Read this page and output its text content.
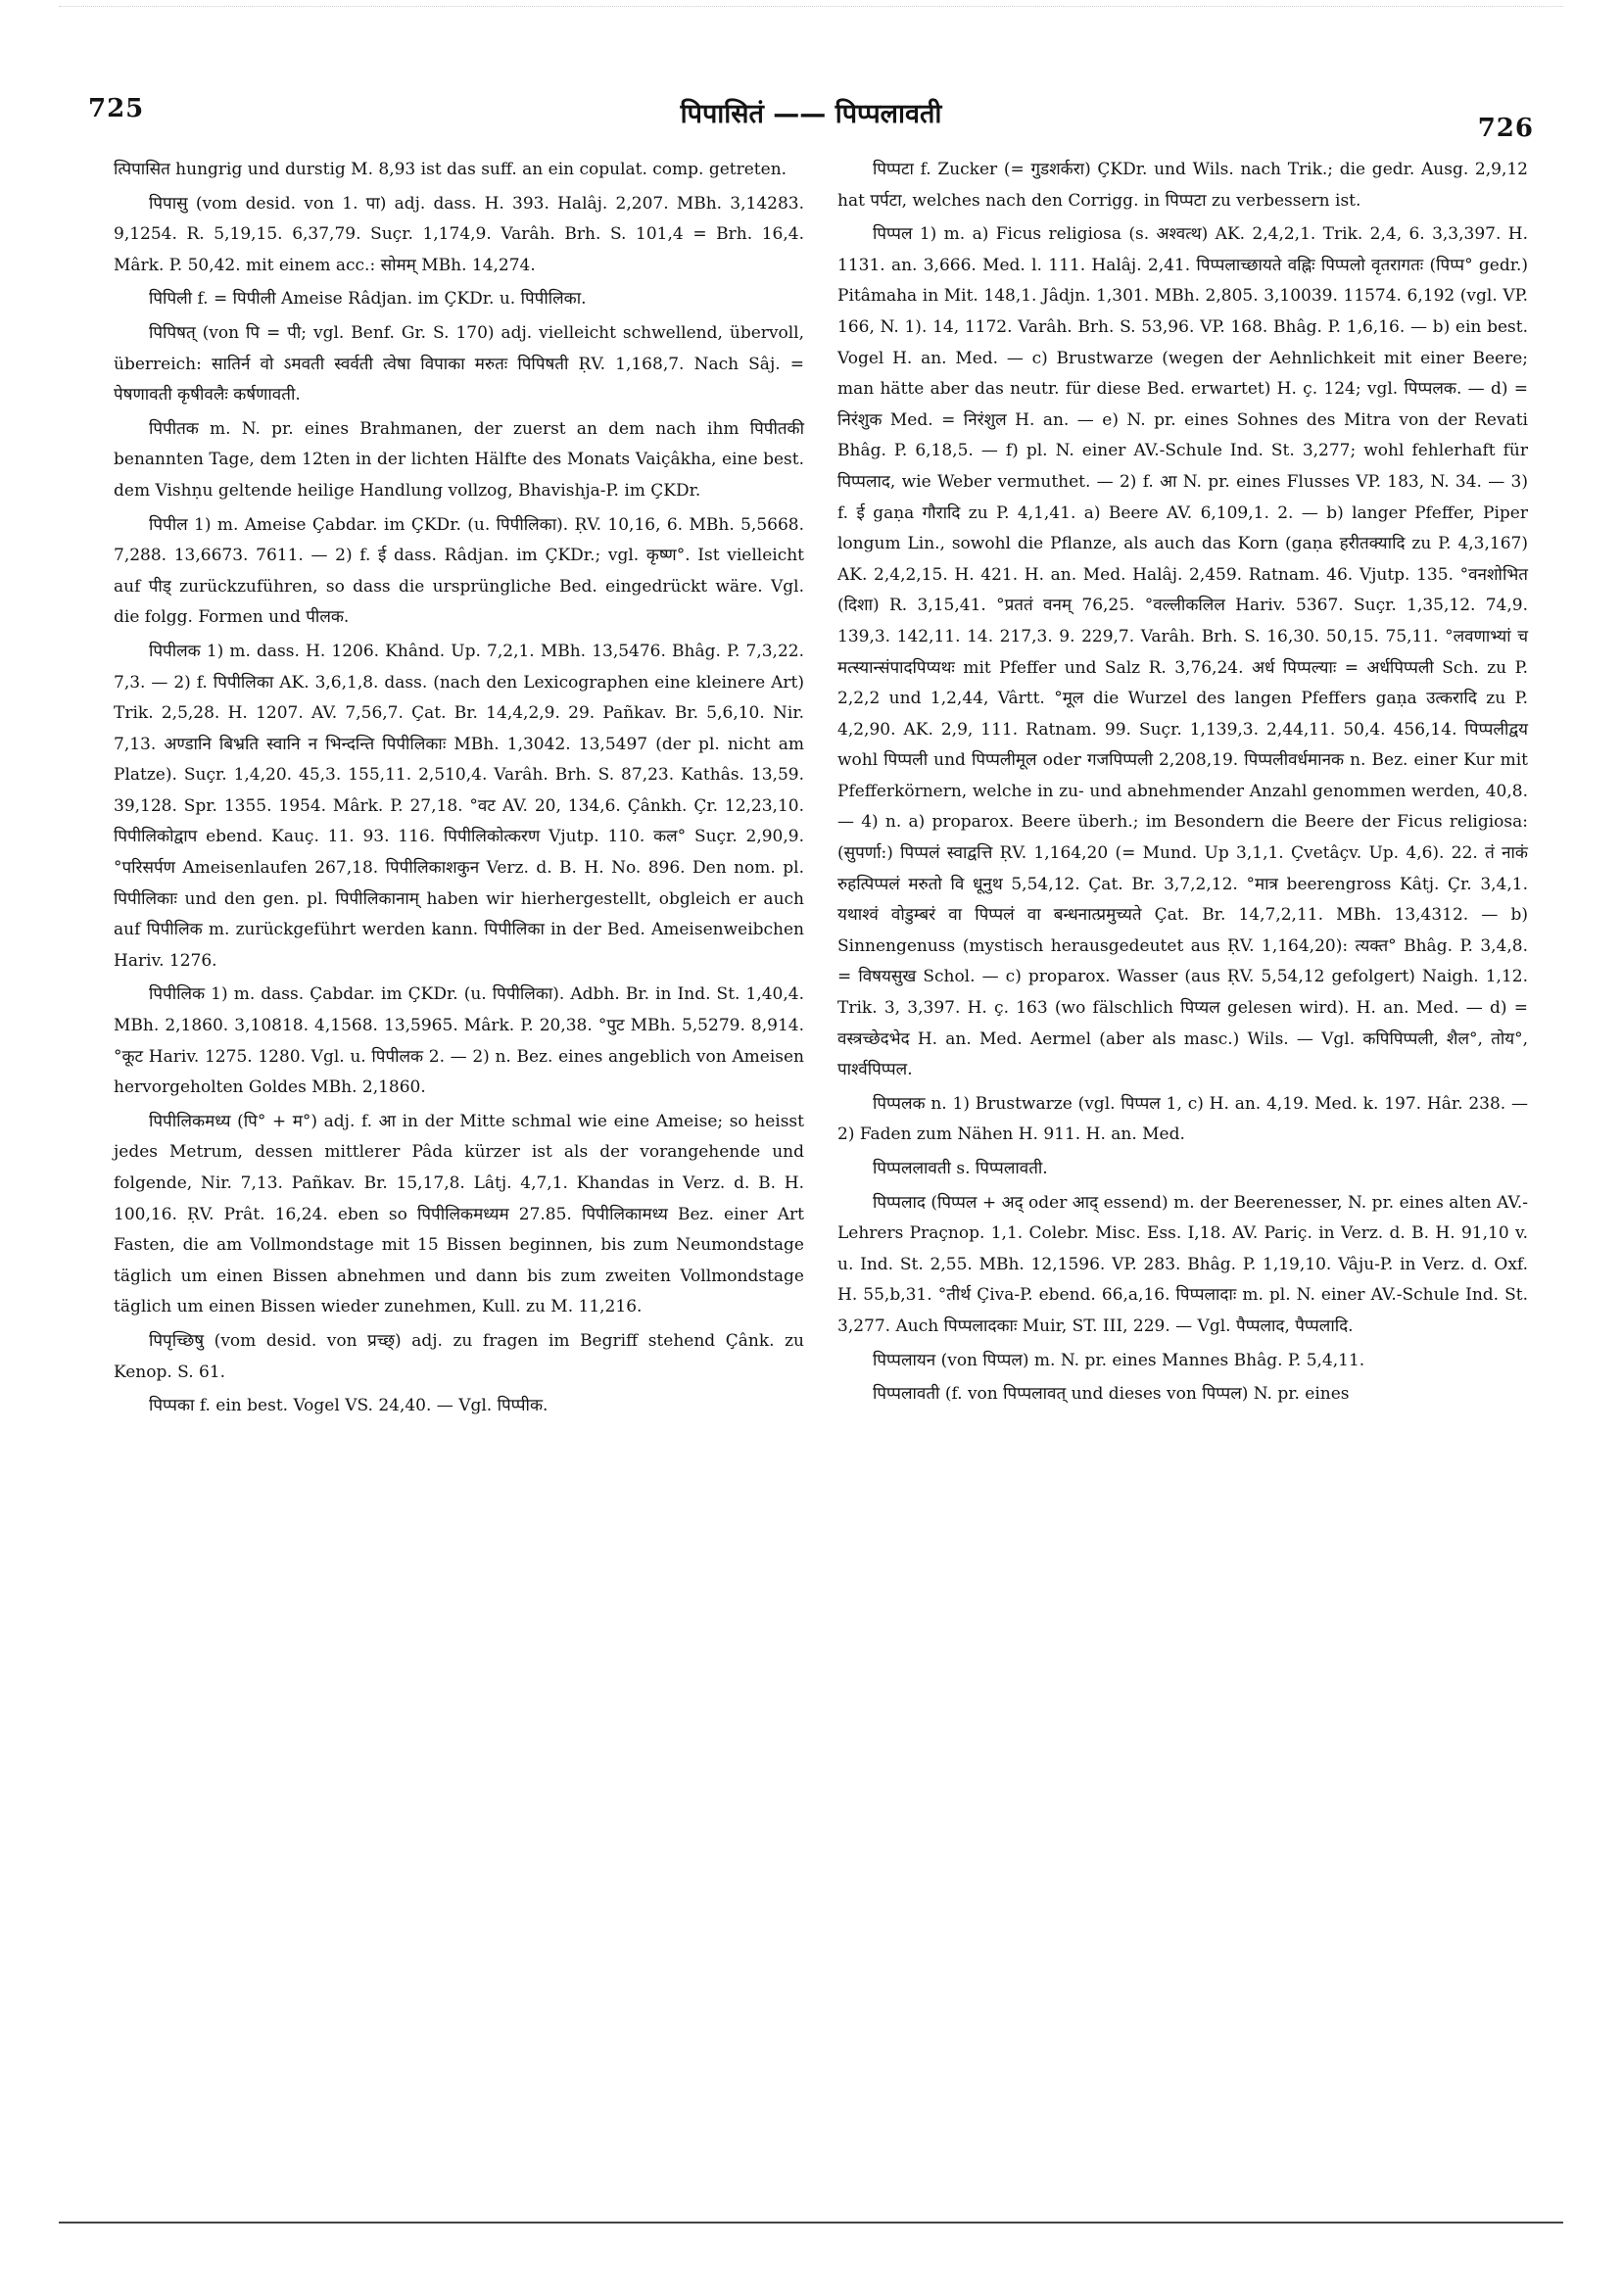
725	पिपासितं —— पिप्पलावती	726

त्पिपासित hungrig und durstig M. 8,93 ist das suff. an ein copulat. comp. getreten.

पिपासु (vom desid. von 1. पा) adj. dass. H. 393. Halâj. 2,207. MBh. 3,14283. 9,1254. R. 5,19,15. 6,37,79. Suçr. 1,174,9. Varâh. Brh. S. 101,4 = Brh. 16,4. Mârk. P. 50,42. mit einem acc.: सोमम् MBh. 14,274.

पिपिली f. = पिपीली Ameise Râdjan. im ÇKDr. u. पिपीलिका.

पिपिषत् (von पि = पी; vgl. Benf. Gr. S. 170) adj. vielleicht schwellend, übervoll, überreich: सातिर्न वो ऽमवती स्वर्वती त्वेषा विपाका मरुतः पिपिषती ṚV. 1,168,7. Nach Sâj. = पेषणावती कृषीवलैः कर्षणावती.

पिपीतक m. N. pr. eines Brahmanen, der zuerst an dem nach ihm पिपीतकी benannten Tage, dem 12ten in der lichten Hälfte des Monats Vaiçâkha, eine best. dem Vishṇu geltende heilige Handlung vollzog, Bhavishja-P. im ÇKDr.

पिपील 1) m. Ameise Çabdar. im ÇKDr. (u. पिपीलिका). ṚV. 10,16, 6. MBh. 5,5668. 7,288. 13,6673. 7611. — 2) f. ई dass. Râdjan. im ÇKDr.; vgl. कृष्ण°. Ist vielleicht auf पीड् zurückzuführen, so dass die ursprüngliche Bed. eingedrückt wäre. Vgl. die folgg. Formen und पीलक.

पिपीलक 1) m. dass. H. 1206. Khând. Up. 7,2,1. MBh. 13,5476. Bhâg. P. 7,3,22. 7,3. — 2) f. पिपीलिका AK. 3,6,1,8. dass. (nach den Lexicographen eine kleinere Art) Trik. 2,5,28. H. 1207. AV. 7,56,7. Çat. Br. 14,4,2,9. 29. Pañkav. Br. 5,6,10. Nir. 7,13. अण्डानि बिभ्रति स्वानि न भिन्दन्ति पिपीलिकाः MBh. 1,3042. 13,5497 (der pl. nicht am Platze). Suçr. 1,4,20. 45,3. 155,11. 2,510,4. Varâh. Brh. S. 87,23. Kathâs. 13,59. 39,128. Spr. 1355. 1954. Mârk. P. 27,18. °वट AV. 20, 134,6. Çânkh. Çr. 12,23,10. पिपीलिकोद्वाप ebend. Kauç. 11. 93. 116. पिपीलिकोत्करण Vjutp. 110. कल° Suçr. 2,90,9. °परिसर्पण Ameisenlaufen 267,18. पिपीलिकाशकुन Verz. d. B. H. No. 896. Den nom. pl. पिपीलिकाः und den gen. pl. पिपीलिकानाम् haben wir hierhergestellt, obgleich er auch auf पिपीलिक m. zurückgeführt werden kann. पिपीलिका in der Bed. Ameisenweibchen Hariv. 1276.

पिपीलिक 1) m. dass. Çabdar. im ÇKDr. (u. पिपीलिका). Adbh. Br. in Ind. St. 1,40,4. MBh. 2,1860. 3,10818. 4,1568. 13,5965. Mârk. P. 20,38. °पुट MBh. 5,5279. 8,914. °कूट Hariv. 1275. 1280. Vgl. u. पिपीलक 2. — 2) n. Bez. eines angeblich von Ameisen hervorgeholten Goldes MBh. 2,1860.

पिपीलिकमध्य (पि° + म°) adj. f. आ in der Mitte schmal wie eine Ameise; so heisst jedes Metrum, dessen mittlerer Pâda kürzer ist als der vorangehende und folgende, Nir. 7,13. Pañkav. Br. 15,17,8. Lâtj. 4,7,1. Khandas in Verz. d. B. H. 100,16. ṚV. Prât. 16,24. eben so पिपीलिकमध्यम 27.85. पिपीलिकामध्य Bez. einer Art Fasten, die am Vollmondstage mit 15 Bissen beginnen, bis zum Neumondstage täglich um einen Bissen abnehmen und dann bis zum zweiten Vollmondstage täglich um einen Bissen wieder zunehmen, Kull. zu M. 11,216.

पिपृच्छिषु (vom desid. von प्रच्छ्) adj. zu fragen im Begriff stehend Çânk. zu Kenop. S. 61.

पिप्पका f. ein best. Vogel VS. 24,40. — Vgl. पिप्पीक.

पिप्पटा f. Zucker (= गुडशर्करा) ÇKDr. und Wils. nach Trik.; die gedr. Ausg. 2,9,12 hat पर्पटा, welches nach den Corrigg. in पिप्पटा zu verbessern ist.

पिप्पल 1) m. a) Ficus religiosa (s. अश्वत्थ) AK. 2,4,2,1. Trik. 2,4, 6. 3,3,397. H. 1131. an. 3,666. Med. l. 111. Halâj. 2,41. पिप्पलाच्छायते वह्निः पिप्पलो वृतरागतः (पिप्प° gedr.) Pitâmaha in Mit. 148,1. Jâdjn. 1,301. MBh. 2,805. 3,10039. 11574. 6,192 (vgl. VP. 166, N. 1). 14, 1172. Varâh. Brh. S. 53,96. VP. 168. Bhâg. P. 1,6,16. — b) ein best. Vogel H. an. Med. — c) Brustwarze (wegen der Aehnlichkeit mit einer Beere; man hätte aber das neutr. für diese Bed. erwartet) H. ç. 124; vgl. पिप्पलक. — d) = निरंशुक Med. = निरंशुल H. an. — e) N. pr. eines Sohnes des Mitra von der Revati Bhâg. P. 6,18,5. — f) pl. N. einer AV.-Schule Ind. St. 3,277; wohl fehlerhaft für पिप्पलाद, wie Weber vermuthet. — 2) f. आ N. pr. eines Flusses VP. 183, N. 34. — 3) f. ई gaṇa गौरादि zu P. 4,1,41. a) Beere AV. 6,109,1. 2. — b) langer Pfeffer, Piper longum Lin., sowohl die Pflanze, als auch das Korn (gaṇa हरीतक्यादि zu P. 4,3,167) AK. 2,4,2,15. H. 421. H. an. Med. Halâj. 2,459. Ratnam. 46. Vjutp. 135. °वनशोभित (दिशा) R. 3,15,41. °प्रततं वनम् 76,25. °वल्लीकलिल Hariv. 5367. Suçr. 1,35,12. 74,9. 139,3. 142,11. 14. 217,3. 9. 229,7. Varâh. Brh. S. 16,30. 50,15. 75,11. °लवणाभ्यां च मत्स्यान्संपादपिप्यथः mit Pfeffer und Salz R. 3,76,24. अर्ध पिप्पल्याः = अर्धपिप्पली Sch. zu P. 2,2,2 und 1,2,44, Vârtt. °मूल die Wurzel des langen Pfeffers gaṇa उत्करादि zu P. 4,2,90. AK. 2,9, 111. Ratnam. 99. Suçr. 1,139,3. 2,44,11. 50,4. 456,14. पिप्पलीद्वय wohl पिप्पली und पिप्पलीमूल oder गजपिप्पली 2,208,19. पिप्पलीवर्धमानक n. Bez. einer Kur mit Pfefferkörnern, welche in zu- und abnehmender Anzahl genommen werden, 40,8. — 4) n. a) proparox. Beere überh.; im Besondern die Beere der Ficus religiosa: (सुपर्णा:) पिप्पलं स्वाद्वत्ति ṚV. 1,164,20 (= Mund. Up 3,1,1. Çvetâçv. Up. 4,6). 22. तं नाकं रुहत्पिप्पलं मरुतो वि धूनुथ 5,54,12. Çat. Br. 3,7,2,12. °मात्र beerengross Kâtj. Çr. 3,4,1. यथाश्वं वोडुम्बरं वा पिप्पलं वा बन्धनात्प्रमुच्यते Çat. Br. 14,7,2,11. MBh. 13,4312. — b) Sinnengenuss (mystisch herausgedeutet aus ṚV. 1,164,20): त्यक्त° Bhâg. P. 3,4,8. = विषयसुख Schol. — c) proparox. Wasser (aus ṚV. 5,54,12 gefolgert) Naigh. 1,12. Trik. 3, 3,397. H. ç. 163 (wo fälschlich पिप्यल gelesen wird). H. an. Med. — d) = वस्त्रच्छेदभेद H. an. Med. Aermel (aber als masc.) Wils. — Vgl. कपिपिप्पली, शैल°, तोय°, पार्श्वपिप्पल.

पिप्पलक n. 1) Brustwarze (vgl. पिप्पल 1, c) H. an. 4,19. Med. k. 197. Hâr. 238. — 2) Faden zum Nähen H. 911. H. an. Med.

पिप्पललावती s. पिप्पलावती.

पिप्पलाद (पिप्पल + अद् oder आद् essend) m. der Beerenesser, N. pr. eines alten AV.-Lehrers Praçnop. 1,1. Colebr. Misc. Ess. I,18. AV. Pariç. in Verz. d. B. H. 91,10 v. u. Ind. St. 2,55. MBh. 12,1596. VP. 283. Bhâg. P. 1,19,10. Vâju-P. in Verz. d. Oxf. H. 55,b,31. °तीर्थ Çiva-P. ebend. 66,a,16. पिप्पलादाः m. pl. N. einer AV.-Schule Ind. St. 3,277. Auch पिप्पलादकाः Muir, ST. III, 229. — Vgl. पैप्पलाद, पैप्पलादि.

पिप्पलायन (von पिप्पल) m. N. pr. eines Mannes Bhâg. P. 5,4,11.

पिप्पलावती (f. von पिप्पलावत् und dieses von पिप्पल) N. pr. eines
